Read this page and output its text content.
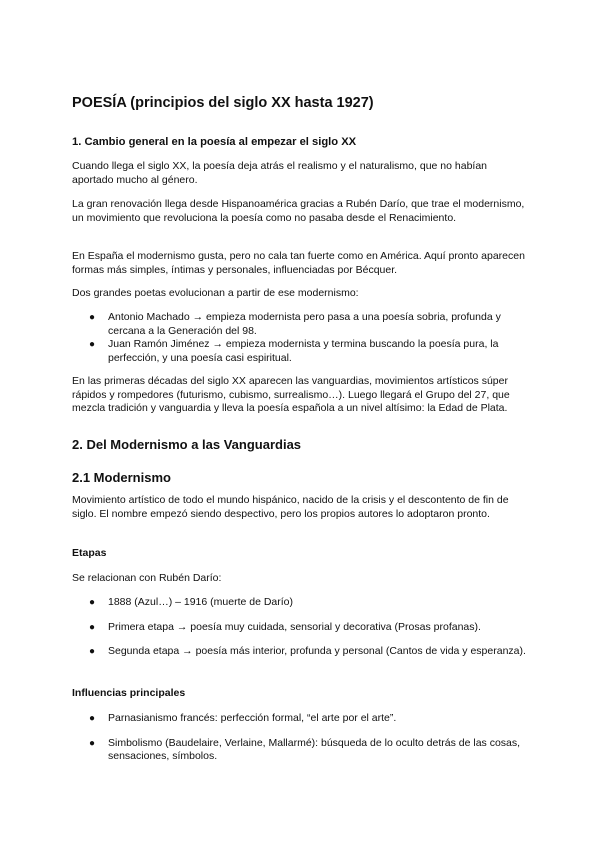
POESÍA (principios del siglo XX hasta 1927)
1. Cambio general en la poesía al empezar el siglo XX

Cuando llega el siglo XX, la poesía deja atrás el realismo y el naturalismo, que no habían aportado mucho al género.

La gran renovación llega desde Hispanoamérica gracias a Rubén Darío, que trae el modernismo, un movimiento que revoluciona la poesía como no pasaba desde el Renacimiento.

En España el modernismo gusta, pero no cala tan fuerte como en América. Aquí pronto aparecen formas más simples, íntimas y personales, influenciadas por Bécquer.

Dos grandes poetas evolucionan a partir de ese modernismo:

● Antonio Machado → empieza modernista pero pasa a una poesía sobria, profunda y cercana a la Generación del 98.
● Juan Ramón Jiménez → empieza modernista y termina buscando la poesía pura, la perfección, y una poesía casi espiritual.

En las primeras décadas del siglo XX aparecen las vanguardias, movimientos artísticos súper rápidos y rompedores (futurismo, cubismo, surrealismo…). Luego llegará el Grupo del 27, que mezcla tradición y vanguardia y lleva la poesía española a un nivel altísimo: la Edad de Plata.

2. Del Modernismo a las Vanguardias
2.1 Modernismo

Movimiento artístico de todo el mundo hispánico, nacido de la crisis y el descontento de fin de siglo. El nombre empezó siendo despectivo, pero los propios autores lo adoptaron pronto.

Etapas

Se relacionan con Rubén Darío:

● 1888 (Azul…) – 1916 (muerte de Darío)
● Primera etapa → poesía muy cuidada, sensorial y decorativa (Prosas profanas).
● Segunda etapa → poesía más interior, profunda y personal (Cantos de vida y esperanza).
Influencias principales
● Parnasianismo francés: perfección formal, “el arte por el arte”.
● Simbolismo (Baudelaire, Verlaine, Mallarmé): búsqueda de lo oculto detrás de las cosas, sensaciones, símbolos.
